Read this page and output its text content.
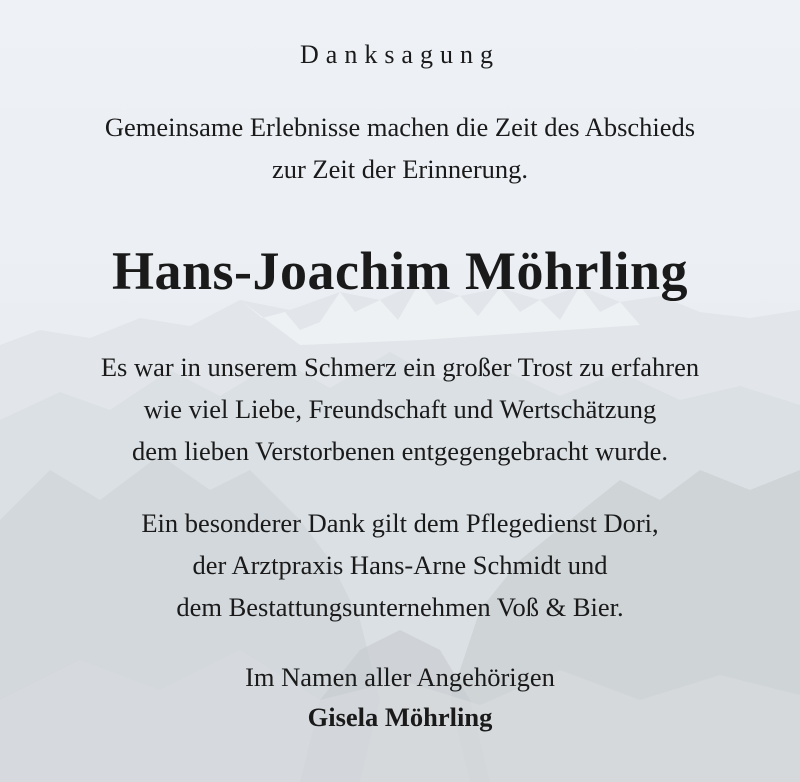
Danksagung
Gemeinsame Erlebnisse machen die Zeit des Abschieds
zur Zeit der Erinnerung.
Hans-Joachim Möhrling
Es war in unserem Schmerz ein großer Trost zu erfahren
wie viel Liebe, Freundschaft und Wertschätzung
dem lieben Verstorbenen entgegengebracht wurde.
Ein besonderer Dank gilt dem Pflegedienst Dori,
der Arztpraxis Hans-Arne Schmidt und
dem Bestattungsunternehmen Voß & Bier.
Im Namen aller Angehörigen
Gisela Möhrling
